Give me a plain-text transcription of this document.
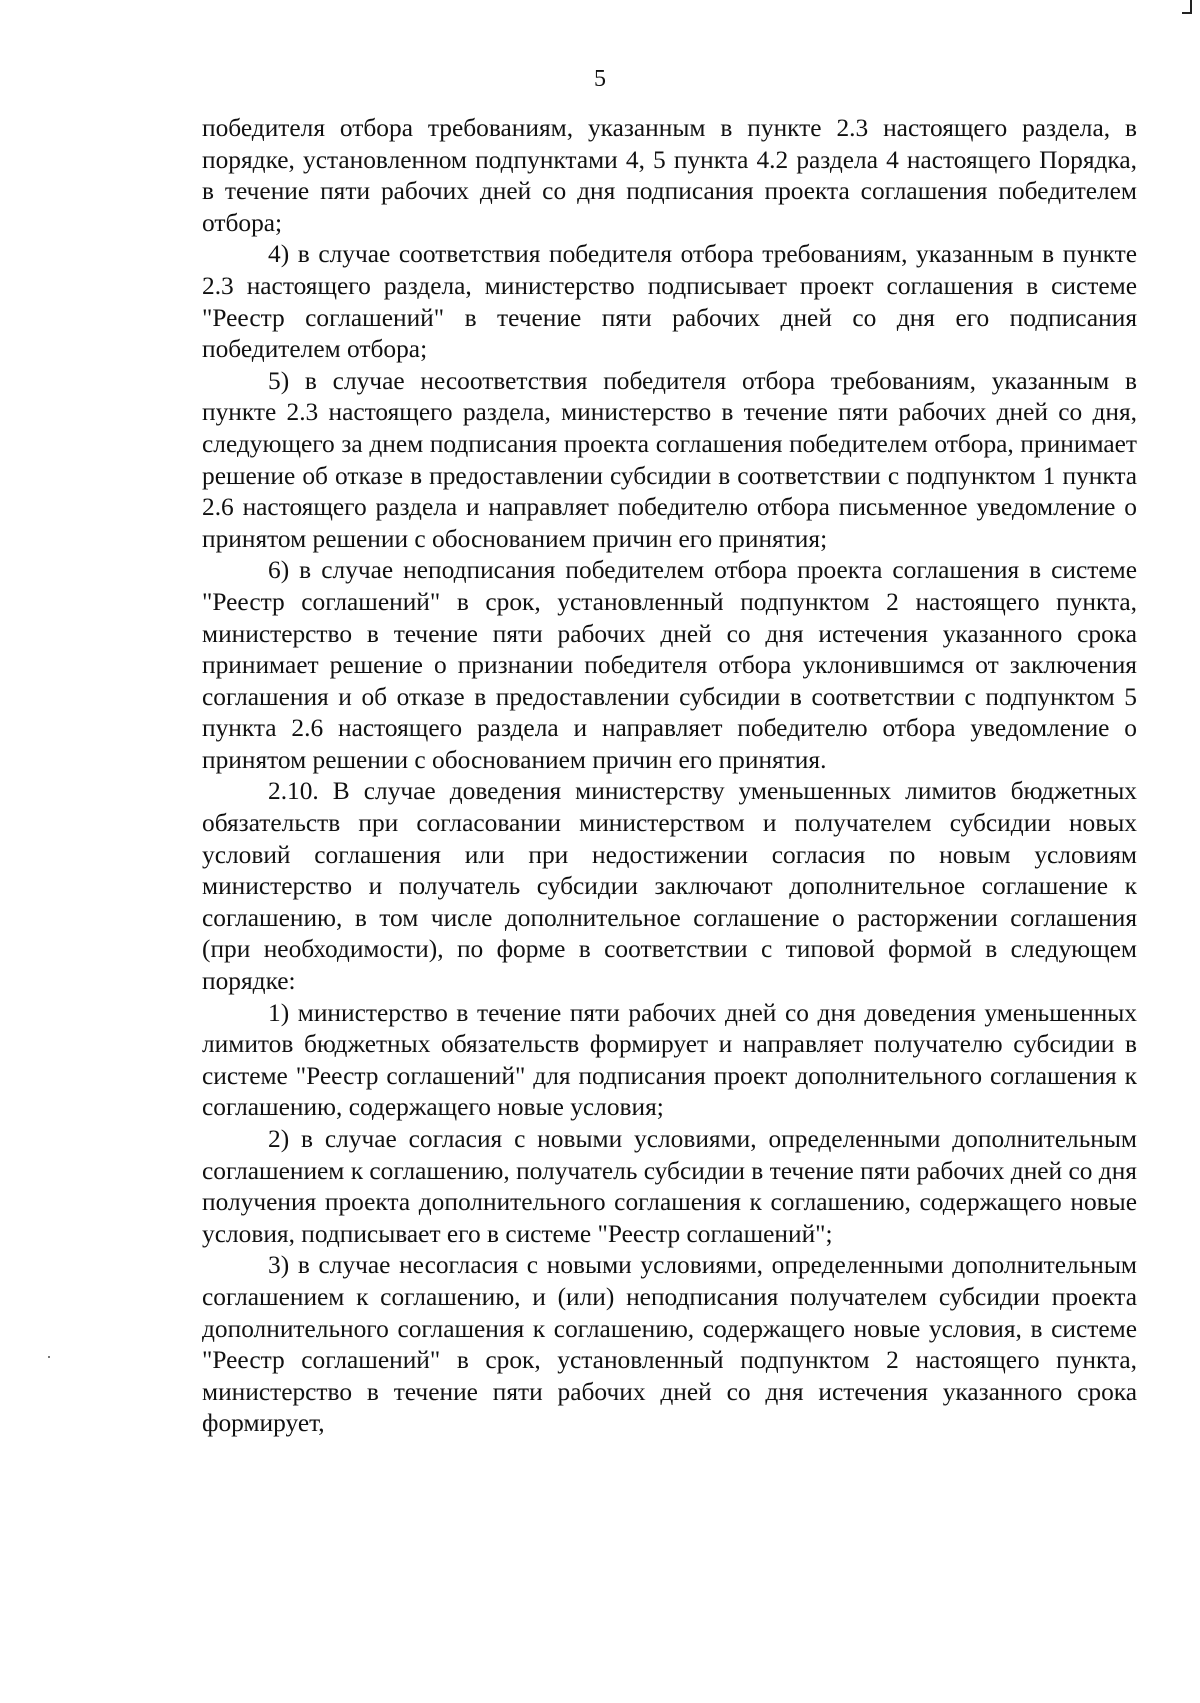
5

победителя отбора требованиям, указанным в пункте 2.3 настоящего раздела, в порядке, установленном подпунктами 4, 5 пункта 4.2 раздела 4 настоящего Порядка, в течение пяти рабочих дней со дня подписания проекта соглашения победителем отбора;

4) в случае соответствия победителя отбора требованиям, указанным в пункте 2.3 настоящего раздела, министерство подписывает проект соглашения в системе "Реестр соглашений" в течение пяти рабочих дней со дня его подписания победителем отбора;

5) в случае несоответствия победителя отбора требованиям, указанным в пункте 2.3 настоящего раздела, министерство в течение пяти рабочих дней со дня, следующего за днем подписания проекта соглашения победителем отбора, принимает решение об отказе в предоставлении субсидии в соответствии с подпунктом 1 пункта 2.6 настоящего раздела и направляет победителю отбора письменное уведомление о принятом решении с обоснованием причин его принятия;

6) в случае неподписания победителем отбора проекта соглашения в системе "Реестр соглашений" в срок, установленный подпунктом 2 настоящего пункта, министерство в течение пяти рабочих дней со дня истечения указанного срока принимает решение о признании победителя отбора уклонившимся от заключения соглашения и об отказе в предоставлении субсидии в соответствии с подпунктом 5 пункта 2.6 настоящего раздела и направляет победителю отбора уведомление о принятом решении с обоснованием причин его принятия.

2.10. В случае доведения министерству уменьшенных лимитов бюджетных обязательств при согласовании министерством и получателем субсидии новых условий соглашения или при недостижении согласия по новым условиям министерство и получатель субсидии заключают дополнительное соглашение к соглашению, в том числе дополнительное соглашение о расторжении соглашения (при необходимости), по форме в соответствии с типовой формой в следующем порядке:

1) министерство в течение пяти рабочих дней со дня доведения уменьшенных лимитов бюджетных обязательств формирует и направляет получателю субсидии в системе "Реестр соглашений" для подписания проект дополнительного соглашения к соглашению, содержащего новые условия;

2) в случае согласия с новыми условиями, определенными дополнительным соглашением к соглашению, получатель субсидии в течение пяти рабочих дней со дня получения проекта дополнительного соглашения к соглашению, содержащего новые условия, подписывает его в системе "Реестр соглашений";

3) в случае несогласия с новыми условиями, определенными дополнительным соглашением к соглашению, и (или) неподписания получателем субсидии проекта дополнительного соглашения к соглашению, содержащего новые условия, в системе "Реестр соглашений" в срок, установленный подпунктом 2 настоящего пункта, министерство в течение пяти рабочих дней со дня истечения указанного срока формирует,
